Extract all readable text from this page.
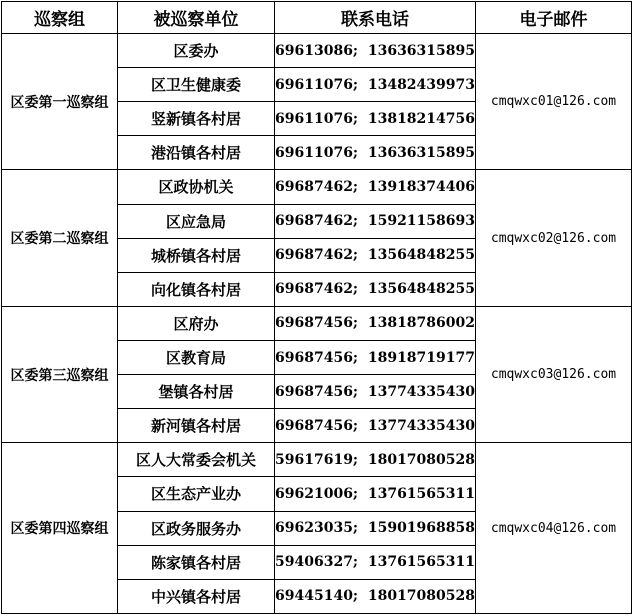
巡察组	被巡察单位	联系电话	电子邮件
区委第一巡察组	区委办	69613086;  13636315895	cmqwxc01@126.com
	区卫生健康委	69611076;  13482439973	
	竖新镇各村居	69611076;  13818214756	
	港沿镇各村居	69611076;  13636315895	
区委第二巡察组	区政协机关	69687462;  13918374406	cmqwxc02@126.com
	区应急局	69687462;  15921158693	
	城桥镇各村居	69687462;  13564848255	
	向化镇各村居	69687462;  13564848255	
区委第三巡察组	区府办	69687456;  13818786002	cmqwxc03@126.com
	区教育局	69687456;  18918719177	
	堡镇各村居	69687456;  13774335430	
	新河镇各村居	69687456;  13774335430	
区委第四巡察组	区人大常委会机关	59617619;  18017080528	cmqwxc04@126.com
	区生态产业办	69621006;  13761565311	
	区政务服务办	69623035;  15901968858	
	陈家镇各村居	59406327;  13761565311	
	中兴镇各村居	69445140;  18017080528	
